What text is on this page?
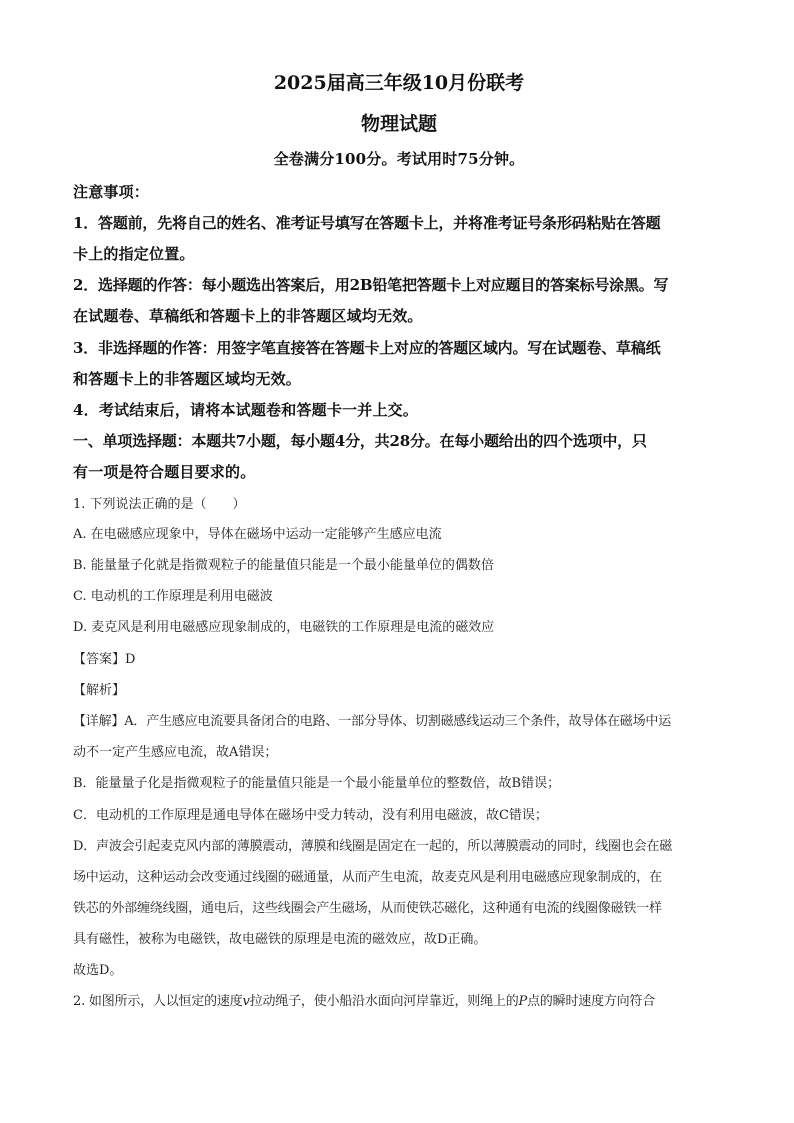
2025届高三年级10月份联考
物理试题
全卷满分100分。考试用时75分钟。
注意事项：
1．答题前，先将自己的姓名、准考证号填写在答题卡上，并将准考证号条形码粘贴在答题
卡上的指定位置。
2．选择题的作答：每小题选出答案后，用2B铅笔把答题卡上对应题目的答案标号涂黑。写
在试题卷、草稿纸和答题卡上的非答题区域均无效。
3．非选择题的作答：用签字笔直接答在答题卡上对应的答题区域内。写在试题卷、草稿纸
和答题卡上的非答题区域均无效。
4．考试结束后，请将本试题卷和答题卡一并上交。
一、单项选择题：本题共7小题，每小题4分，共28分。在每小题给出的四个选项中，只
有一项是符合题目要求的。
1. 下列说法正确的是（　　）
A. 在电磁感应现象中，导体在磁场中运动一定能够产生感应电流
B. 能量量子化就是指微观粒子的能量值只能是一个最小能量单位的偶数倍
C. 电动机的工作原理是利用电磁波
D. 麦克风是利用电磁感应现象制成的，电磁铁的工作原理是电流的磁效应
【答案】D
【解析】
【详解】A．产生感应电流要具备闭合的电路、一部分导体、切割磁感线运动三个条件，故导体在磁场中运
动不一定产生感应电流，故A错误；
B．能量量子化是指微观粒子的能量值只能是一个最小能量单位的整数倍，故B错误；
C．电动机的工作原理是通电导体在磁场中受力转动，没有利用电磁波，故C错误；
D．声波会引起麦克风内部的薄膜震动，薄膜和线圈是固定在一起的，所以薄膜震动的同时，线圈也会在磁
场中运动，这种运动会改变通过线圈的磁通量，从而产生电流，故麦克风是利用电磁感应现象制成的，在
铁芯的外部缠绕线圈，通电后，这些线圈会产生磁场，从而使铁芯磁化，这种通有电流的线圈像磁铁一样
具有磁性，被称为电磁铁，故电磁铁的原理是电流的磁效应，故D正确。
故选D。
2. 如图所示，人以恒定的速度v拉动绳子，使小船沿水面向河岸靠近，则绳上的P点的瞬时速度方向符合
